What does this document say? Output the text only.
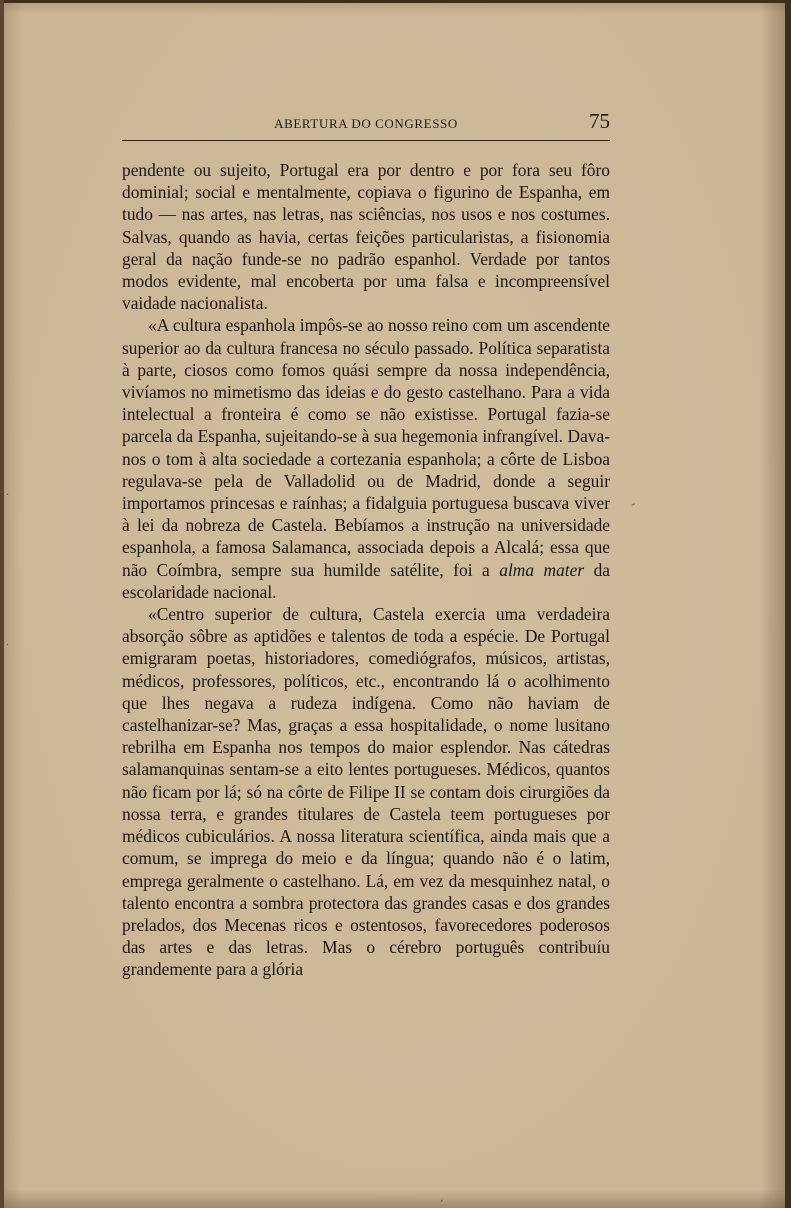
ABERTURA DO CONGRESSO	75

pendente ou sujeito, Portugal era por dentro e por fora seu fôro dominial; social e mentalmente, copiava o figurino de Espanha, em tudo — nas artes, nas letras, nas sciências, nos usos e nos costumes. Salvas, quando as havia, certas feições particularistas, a fisionomia geral da nação funde-se no padrão espanhol. Verdade por tantos modos evidente, mal encoberta por uma falsa e incompreensível vaidade nacionalista.

«A cultura espanhola impôs-se ao nosso reino com um ascendente superior ao da cultura francesa no século passado. Política separatista à parte, ciosos como fomos quási sempre da nossa independência, vivíamos no mimetismo das ideias e do gesto castelhano. Para a vida intelectual a fronteira é como se não existisse. Portugal fazia-se parcela da Espanha, sujeitando-se à sua hegemonia infrangível. Dava-nos o tom à alta sociedade a cortezania espanhola; a côrte de Lisboa regulava-se pela de Valladolid ou de Madrid, donde a seguir importamos princesas e raínhas; a fidalguia portuguesa buscava viver à lei da nobreza de Castela. Bebíamos a instrução na universidade espanhola, a famosa Salamanca, associada depois a Alcalá; essa que não Coímbra, sempre sua humilde satélite, foi a alma mater da escolaridade nacional.

«Centro superior de cultura, Castela exercia uma verdadeira absorção sôbre as aptidões e talentos de toda a espécie. De Portugal emigraram poetas, historiadores, comediógrafos, músicos, artistas, médicos, professores, políticos, etc., encontrando lá o acolhimento que lhes negava a rudeza indígena. Como não haviam de castelhanizar-se? Mas, graças a essa hospitalidade, o nome lusitano rebrilha em Espanha nos tempos do maior esplendor. Nas cátedras salamanquinas sentam-se a eito lentes portugueses. Médicos, quantos não ficam por lá; só na côrte de Filipe II se contam dois cirurgiões da nossa terra, e grandes titulares de Castela teem portugueses por médicos cubiculários. A nossa literatura scientífica, ainda mais que a comum, se imprega do meio e da língua; quando não é o latim, emprega geralmente o castelhano. Lá, em vez da mesquinhez natal, o talento encontra a sombra protectora das grandes casas e dos grandes prelados, dos Mecenas ricos e ostentosos, favorecedores poderosos das artes e das letras. Mas o cérebro português contribuíu grandemente para a glória

·
·
ˊ
ˏ
